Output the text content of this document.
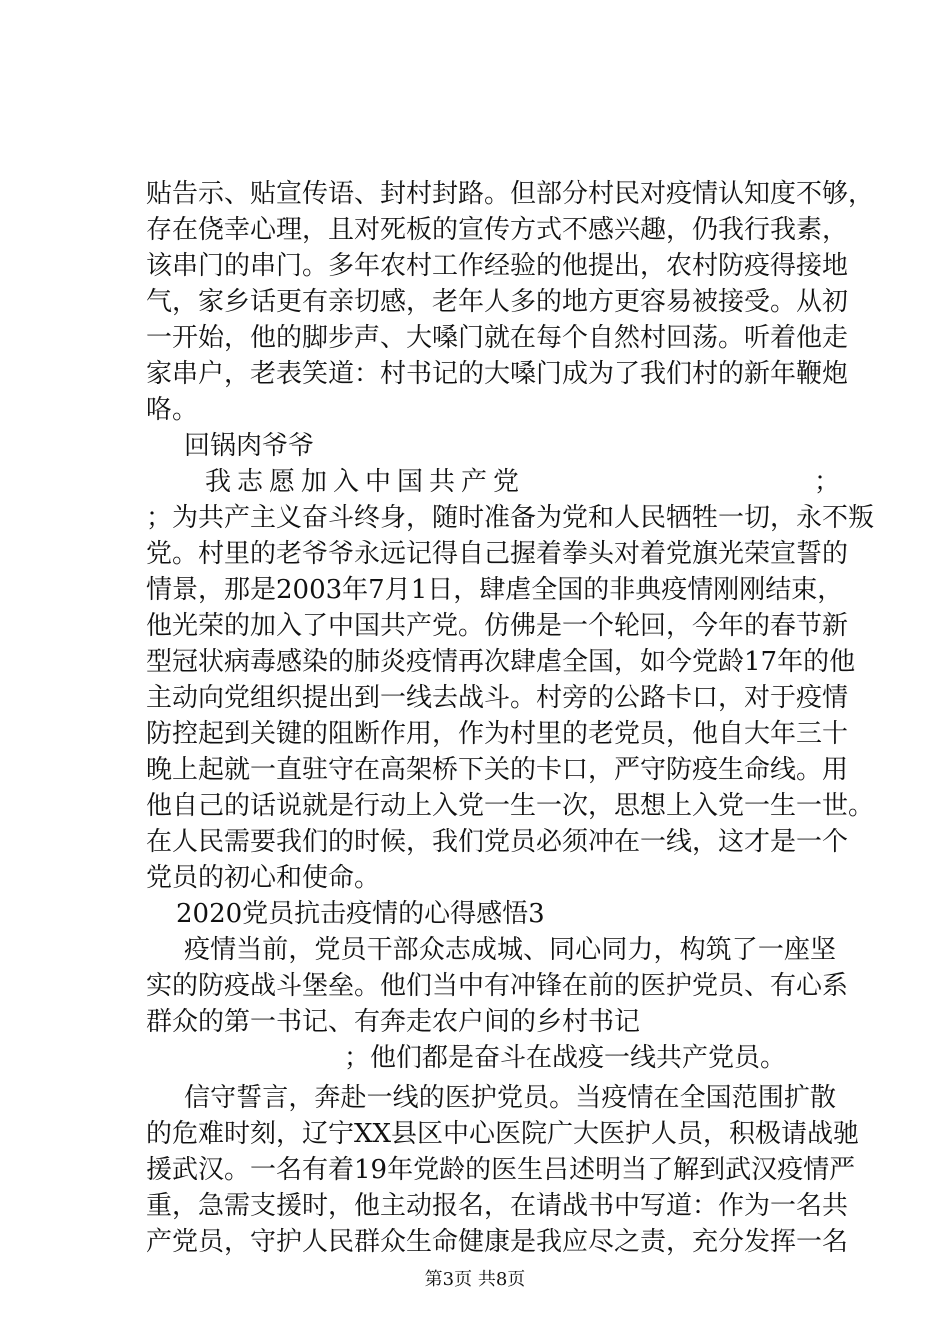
贴告示、贴宣传语、封村封路。但部分村民对疫情认知度不够，
存在侥幸心理，且对死板的宣传方式不感兴趣，仍我行我素，
该串门的串门。多年农村工作经验的他提出，农村防疫得接地
气，家乡话更有亲切感，老年人多的地方更容易被接受。从初
一开始，他的脚步声、大嗓门就在每个自然村回荡。听着他走
家串户，老表笑道：村书记的大嗓门成为了我们村的新年鞭炮
咯。
回锅肉爷爷
我志愿加入中国共产党	；
；为共产主义奋斗终身，随时准备为党和人民牺牲一切，永不叛
党。村里的老爷爷永远记得自己握着拳头对着党旗光荣宣誓的
情景，那是2003年7月1日，肆虐全国的非典疫情刚刚结束，
他光荣的加入了中国共产党。仿佛是一个轮回，今年的春节新
型冠状病毒感染的肺炎疫情再次肆虐全国，如今党龄17年的他
主动向党组织提出到一线去战斗。村旁的公路卡口，对于疫情
防控起到关键的阻断作用，作为村里的老党员，他自大年三十
晚上起就一直驻守在高架桥下关的卡口，严守防疫生命线。用
他自己的话说就是行动上入党一生一次，思想上入党一生一世。
在人民需要我们的时候，我们党员必须冲在一线，这才是一个
党员的初心和使命。
2020党员抗击疫情的心得感悟3
疫情当前，党员干部众志成城、同心同力，构筑了一座坚
实的防疫战斗堡垒。他们当中有冲锋在前的医护党员、有心系
群众的第一书记、有奔走农户间的乡村书记
；他们都是奋斗在战疫一线共产党员。
信守誓言，奔赴一线的医护党员。当疫情在全国范围扩散
的危难时刻，辽宁XX县区中心医院广大医护人员，积极请战驰
援武汉。一名有着19年党龄的医生吕述明当了解到武汉疫情严
重，急需支援时，他主动报名，在请战书中写道：作为一名共
产党员，守护人民群众生命健康是我应尽之责，充分发挥一名
第3页 共8页
